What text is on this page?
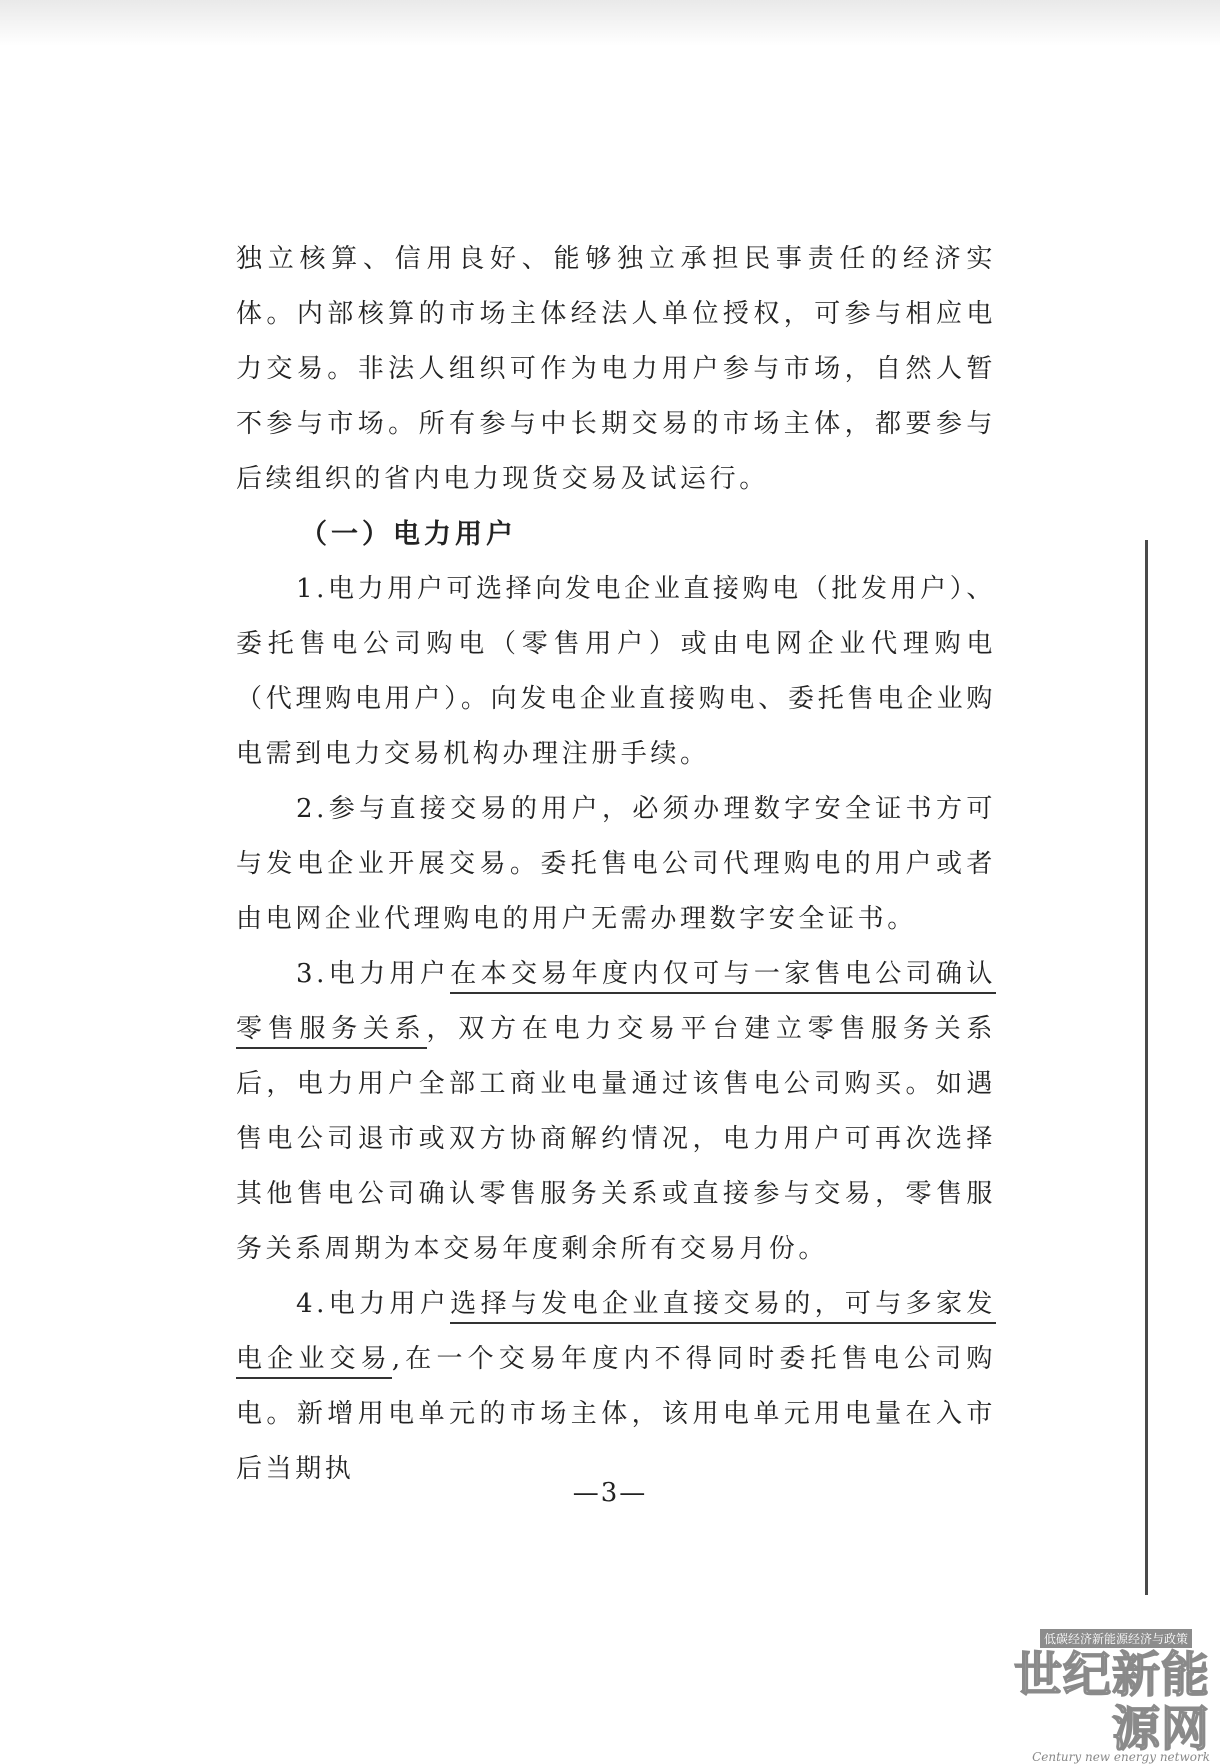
独立核算、信用良好、能够独立承担民事责任的经济实体。内部核算的市场主体经法人单位授权，可参与相应电力交易。非法人组织可作为电力用户参与市场，自然人暂不参与市场。所有参与中长期交易的市场主体，都要参与后续组织的省内电力现货交易及试运行。

（一）电力用户

1.电力用户可选择向发电企业直接购电（批发用户）、委托售电公司购电（零售用户）或由电网企业代理购电（代理购电用户）。向发电企业直接购电、委托售电企业购电需到电力交易机构办理注册手续。

2.参与直接交易的用户，必须办理数字安全证书方可与发电企业开展交易。委托售电公司代理购电的用户或者由电网企业代理购电的用户无需办理数字安全证书。

3.电力用户在本交易年度内仅可与一家售电公司确认零售服务关系，双方在电力交易平台建立零售服务关系后，电力用户全部工商业电量通过该售电公司购买。如遇售电公司退市或双方协商解约情况，电力用户可再次选择其他售电公司确认零售服务关系或直接参与交易，零售服务关系周期为本交易年度剩余所有交易月份。

4.电力用户选择与发电企业直接交易的，可与多家发电企业交易,在一个交易年度内不得同时委托售电公司购电。新增用电单元的市场主体，该用电单元用电量在入市后当期执

—3—
低碳经济新能源经济与政策
世纪新能源网
Century new energy network
